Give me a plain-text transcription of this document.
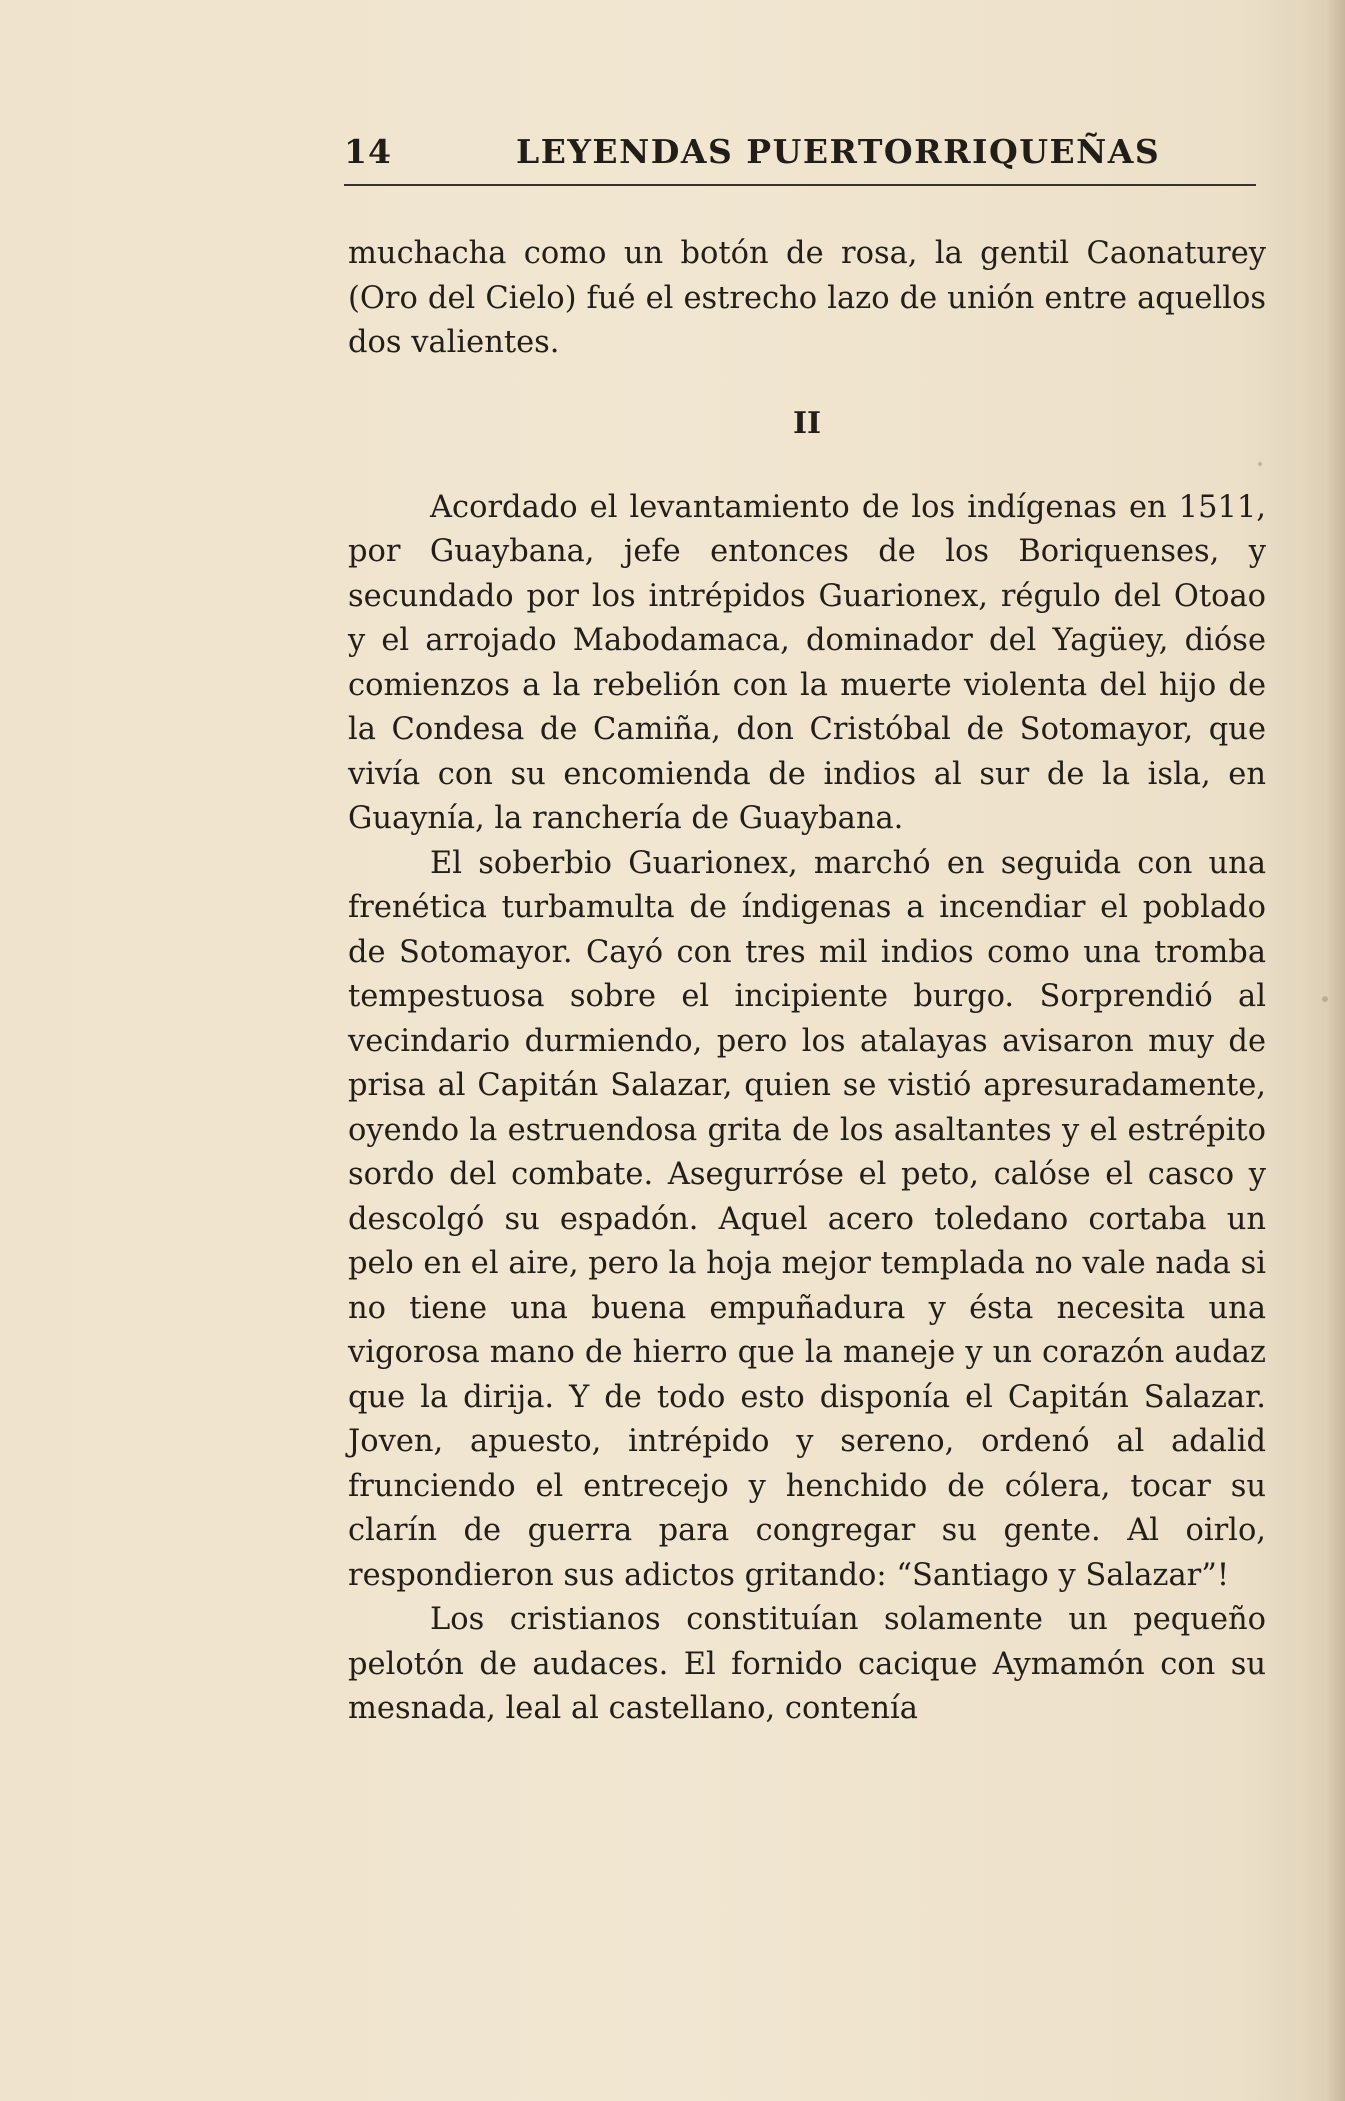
14	LEYENDAS PUERTORRIQUEÑAS

muchacha como un botón de rosa, la gentil Caonaturey (Oro del Cielo) fué el estrecho lazo de unión entre aquellos dos valientes.

II

Acordado el levantamiento de los indígenas en 1511, por Guaybana, jefe entonces de los Boriquenses, y secundado por los intrépidos Guarionex, régulo del Otoao y el arrojado Mabodamaca, dominador del Yagüey, dióse comienzos a la rebelión con la muerte violenta del hijo de la Condesa de Camiña, don Cristóbal de Sotomayor, que vivía con su encomienda de indios al sur de la isla, en Guaynía, la ranchería de Guaybana.

El soberbio Guarionex, marchó en seguida con una frenética turbamulta de índigenas a incendiar el poblado de Sotomayor. Cayó con tres mil indios como una tromba tempestuosa sobre el incipiente burgo. Sorprendió al vecindario durmiendo, pero los atalayas avisaron muy de prisa al Capitán Salazar, quien se vistió apresuradamente, oyendo la estruendosa grita de los asaltantes y el estrépito sordo del combate. Asegurróse el peto, calóse el casco y descolgó su espadón. Aquel acero toledano cortaba un pelo en el aire, pero la hoja mejor templada no vale nada si no tiene una buena empuñadura y ésta necesita una vigorosa mano de hierro que la maneje y un corazón audaz que la dirija. Y de todo esto disponía el Capitán Salazar. Joven, apuesto, intrépido y sereno, ordenó al adalid frunciendo el entrecejo y henchido de cólera, tocar su clarín de guerra para congregar su gente. Al oirlo, respondieron sus adictos gritando: “Santiago y Salazar”!

Los cristianos constituían solamente un pequeño pelotón de audaces. El fornido cacique Aymamón con su mesnada, leal al castellano, contenía
